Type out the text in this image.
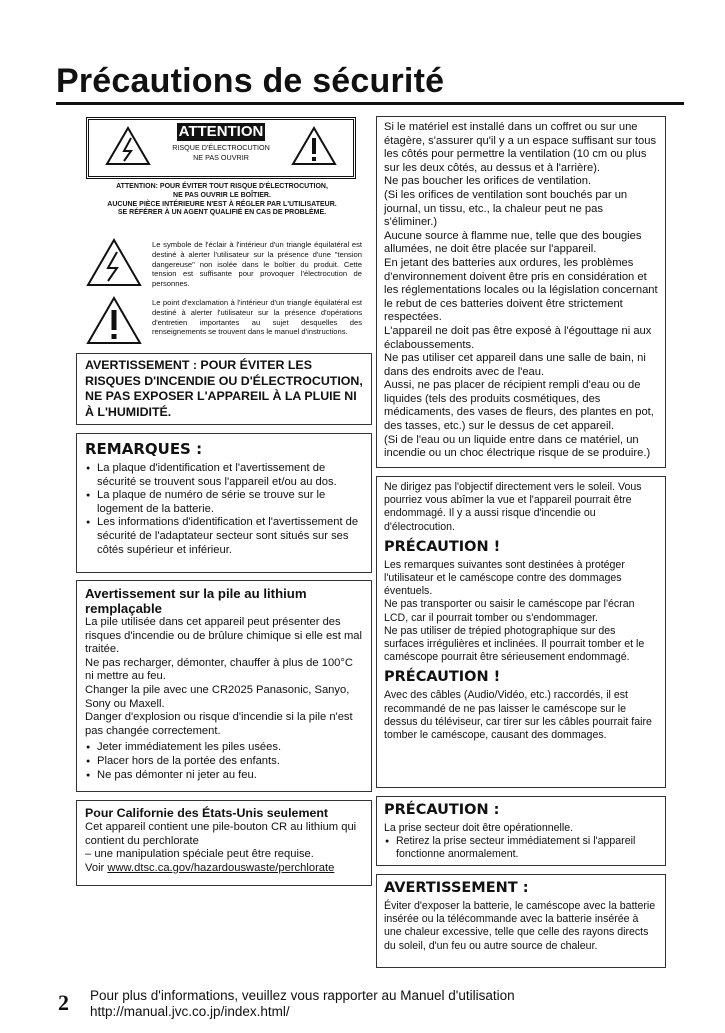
Précautions de sécurité
ATTENTION
RISQUE D'ÉLECTROCUTION
NE PAS OUVRIR

ATTENTION: POUR ÉVITER TOUT RISQUE D'ÉLECTROCUTION,

NE PAS OUVRIR LE BOÎTIER.

AUCUNE PIÈCE INTÉRIEURE N'EST À RÉGLER PAR L'UTILISATEUR.

SE RÉFÉRER À UN AGENT QUALIFIÉ EN CAS DE PROBLÈME.

Le symbole de l'éclair à l'intérieur d'un triangle équilatéral est destiné à alerter l'utilisateur sur la présence d'une "tension dangereuse" non isolée dans le boîtier du produit. Cette tension est suffisante pour provoquer l'électrocution de personnes.

Le point d'exclamation à l'intérieur d'un triangle équilatéral est destiné à alerter l'utilisateur sur la présence d'opérations d'entretien importantes au sujet desquelles des renseignements se trouvent dans le manuel d'instructions.

AVERTISSEMENT : POUR ÉVITER LES RISQUES D'INCENDIE OU D'ÉLECTROCUTION, NE PAS EXPOSER L'APPAREIL À LA PLUIE NI À L'HUMIDITÉ.

REMARQUES :

● La plaque d'identification et l'avertissement de sécurité se trouvent sous l'appareil et/ou au dos.
● La plaque de numéro de série se trouve sur le logement de la batterie.
● Les informations d'identification et l'avertissement de sécurité de l'adaptateur secteur sont situés sur ses côtés supérieur et inférieur.

Avertissement sur la pile au lithium remplaçable

La pile utilisée dans cet appareil peut présenter des risques d'incendie ou de brûlure chimique si elle est mal traitée.

Ne pas recharger, démonter, chauffer à plus de 100°C ni mettre au feu.

Changer la pile avec une CR2025 Panasonic, Sanyo, Sony ou Maxell.

Danger d'explosion ou risque d'incendie si la pile n'est pas changée correctement.

● Jeter immédiatement les piles usées.
● Placer hors de la portée des enfants.
● Ne pas démonter ni jeter au feu.

Pour Californie des États-Unis seulement

Cet appareil contient une pile-bouton CR au lithium qui contient du perchlorate

– une manipulation spéciale peut être requise.

Voir www.dtsc.ca.gov/hazardouswaste/perchlorate

Si le matériel est installé dans un coffret ou sur une étagère, s'assurer qu'il y a un espace suffisant sur tous les côtés pour permettre la ventilation (10 cm ou plus sur les deux côtés, au dessus et à l'arrière).

Ne pas boucher les orifices de ventilation.

(Si les orifices de ventilation sont bouchés par un journal, un tissu, etc., la chaleur peut ne pas s'éliminer.)

Aucune source à flamme nue, telle que des bougies allumées, ne doit être placée sur l'appareil.

En jetant des batteries aux ordures, les problèmes d'environnement doivent être pris en considération et les réglementations locales ou la législation concernant le rebut de ces batteries doivent être strictement respectées.

L'appareil ne doit pas être exposé à l'égouttage ni aux éclaboussements.

Ne pas utiliser cet appareil dans une salle de bain, ni dans des endroits avec de l'eau.

Aussi, ne pas placer de récipient rempli d'eau ou de liquides (tels des produits cosmétiques, des médicaments, des vases de fleurs, des plantes en pot, des tasses, etc.) sur le dessus de cet appareil.

(Si de l'eau ou un liquide entre dans ce matériel, un incendie ou un choc électrique risque de se produire.)

Ne dirigez pas l'objectif directement vers le soleil. Vous pourriez vous abîmer la vue et l'appareil pourrait être endommagé. Il y a aussi risque d'incendie ou d'électrocution.

PRÉCAUTION !

Les remarques suivantes sont destinées à protéger l'utilisateur et le caméscope contre des dommages éventuels.

Ne pas transporter ou saisir le caméscope par l'écran LCD, car il pourrait tomber ou s'endommager.

Ne pas utiliser de trépied photographique sur des surfaces irrégulières et inclinées. Il pourrait tomber et le caméscope pourrait être sérieusement endommagé.

PRÉCAUTION !

Avec des câbles (Audio/Vidéo, etc.) raccordés, il est recommandé de ne pas laisser le caméscope sur le dessus du téléviseur, car tirer sur les câbles pourrait faire tomber le caméscope, causant des dommages.

PRÉCAUTION :

La prise secteur doit être opérationnelle.

● Retirez la prise secteur immédiatement si l'appareil fonctionne anormalement.

AVERTISSEMENT :

Éviter d'exposer la batterie, le caméscope avec la batterie insérée ou la télécommande avec la batterie insérée à une chaleur excessive, telle que celle des rayons directs du soleil, d'un feu ou autre source de chaleur.

2 Pour plus d'informations, veuillez vous rapporter au Manuel d'utilisation
http://manual.jvc.co.jp/index.html/
